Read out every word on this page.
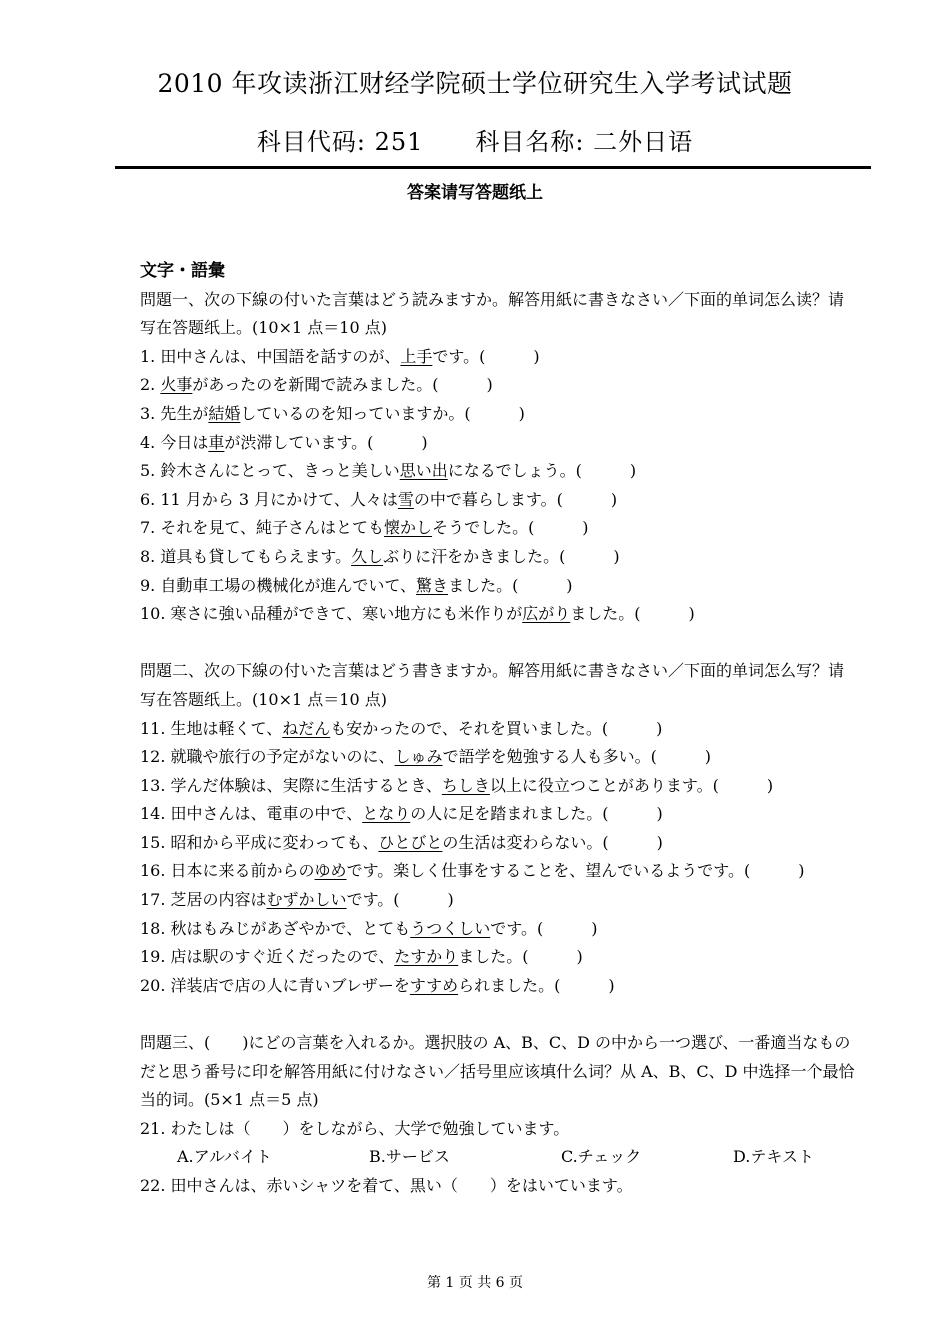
2010 年攻读浙江财经学院硕士学位研究生入学考试试题
科目代码: 251 科目名称: 二外日语
答案请写答题纸上

文字・語彙

問題一、次の下線の付いた言葉はどう読みますか。解答用紙に書きなさい／下面的单词怎么读？请写在答题纸上。(10×1 点＝10 点)

1. 田中さんは、中国語を話すのが、上手です。(　　　)

2. 火事があったのを新聞で読みました。(　　　)

3. 先生が結婚しているのを知っていますか。(　　　)

4. 今日は車が渋滞しています。(　　　)

5. 鈴木さんにとって、きっと美しい思い出になるでしょう。(　　　)

6. 11 月から 3 月にかけて、人々は雪の中で暮らします。(　　　)

7. それを見て、純子さんはとても懐かしそうでした。(　　　)

8. 道具も貸してもらえます。久しぶりに汗をかきました。(　　　)

9. 自動車工場の機械化が進んでいて、驚きました。(　　　)

10. 寒さに強い品種ができて、寒い地方にも米作りが広がりました。(　　　)

問題二、次の下線の付いた言葉はどう書きますか。解答用紙に書きなさい／下面的单词怎么写？请写在答题纸上。(10×1 点＝10 点)

11. 生地は軽くて、ねだんも安かったので、それを買いました。(　　　)

12. 就職や旅行の予定がないのに、しゅみで語学を勉強する人も多い。(　　　)

13. 学んだ体験は、実際に生活するとき、ちしき以上に役立つことがあります。(　　　)

14. 田中さんは、電車の中で、となりの人に足を踏まれました。(　　　)

15. 昭和から平成に変わっても、ひとびとの生活は変わらない。(　　　)

16. 日本に来る前からのゆめです。楽しく仕事をすることを、望んでいるようです。(　　　)

17. 芝居の内容はむずかしいです。(　　　)

18. 秋はもみじがあざやかで、とてもうつくしいです。(　　　)

19. 店は駅のすぐ近くだったので、たすかりました。(　　　)

20. 洋装店で店の人に青いブレザーをすすめられました。(　　　)

問題三、(　　)にどの言葉を入れるか。選択肢の A、B、C、D の中から一つ選び、一番適当なものだと思う番号に印を解答用紙に付けなさい／括号里应该填什么词？从 A、B、C、D 中选择一个最恰当的词。(5×1 点＝5 点)

21. わたしは（　　）をしながら、大学で勉強しています。

A.アルバイト	B.サービス	C.チェック	D.テキスト

22. 田中さんは、赤いシャツを着て、黒い（　　）をはいています。

第 1 页 共 6 页
